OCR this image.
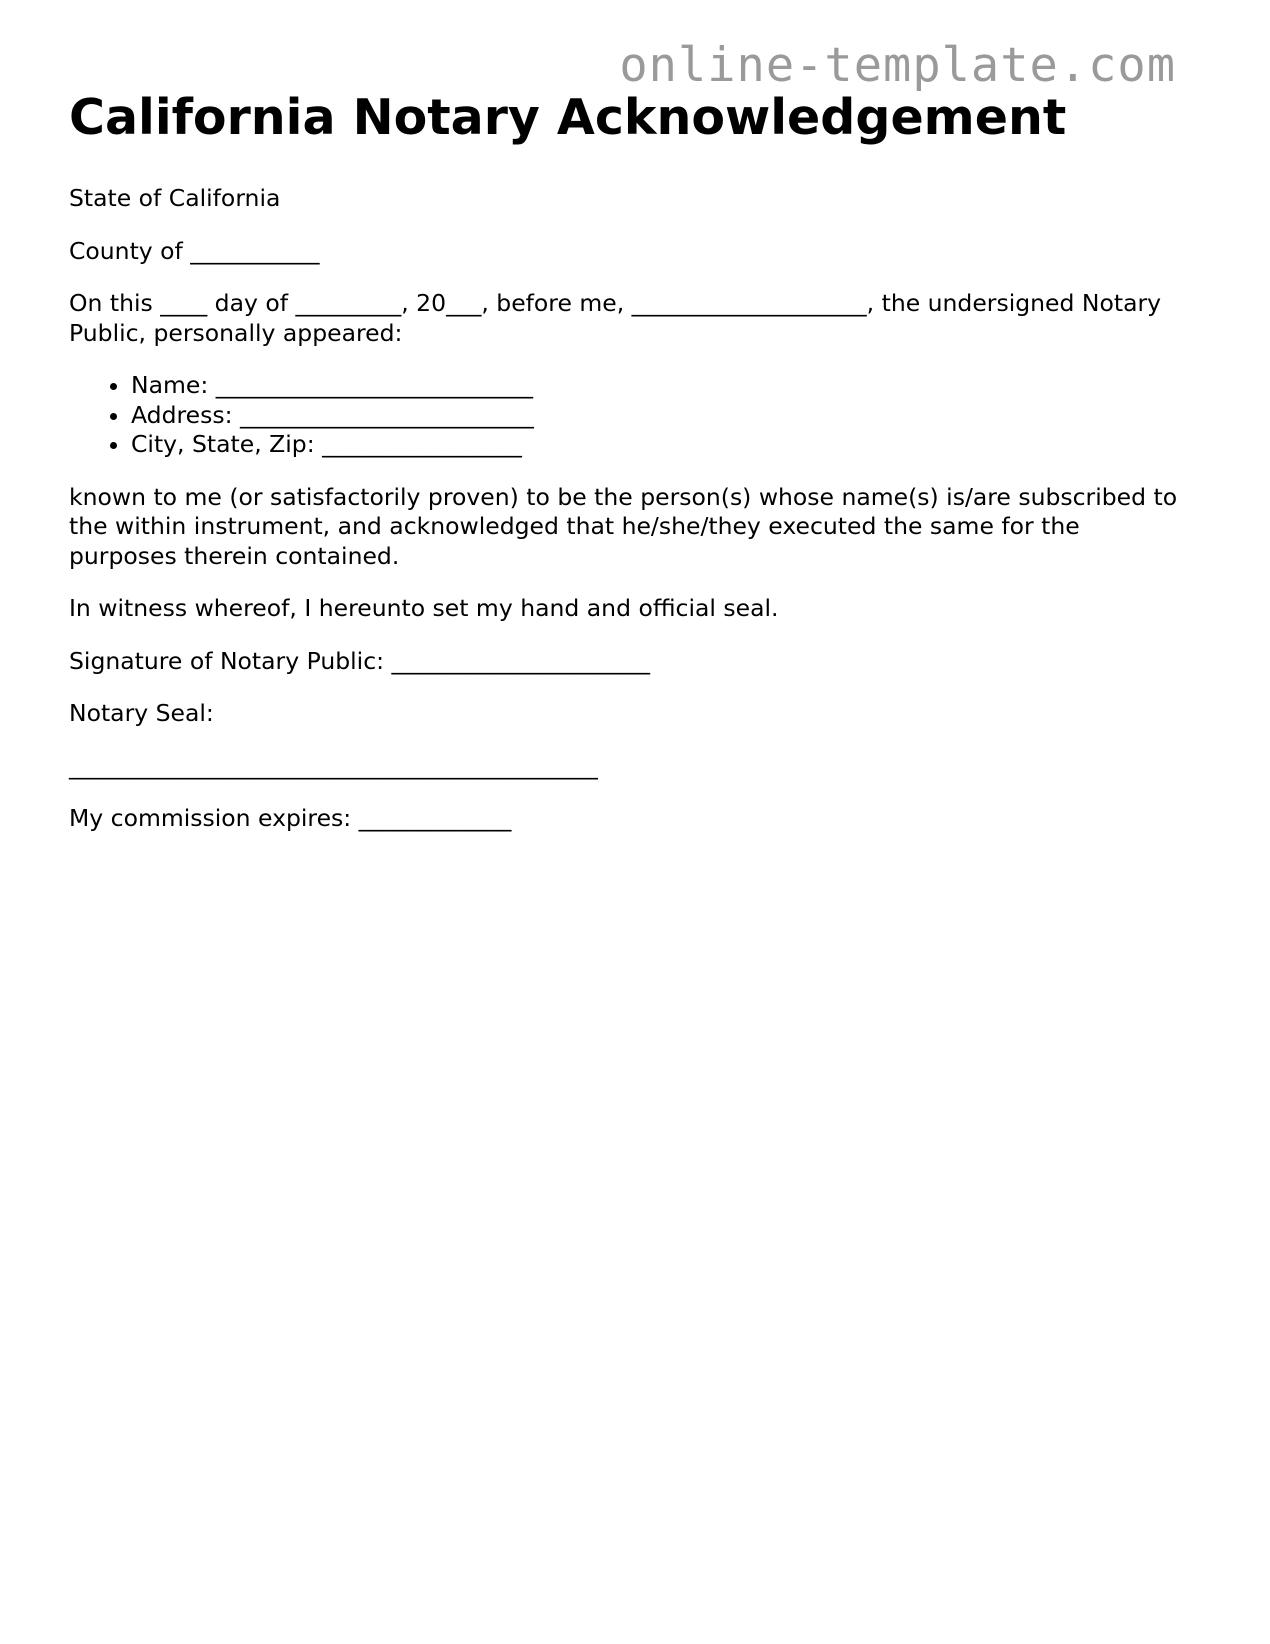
online-template.com
California Notary Acknowledgement

State of California

County of ___________

On this ____ day of _________, 20___, before me, ____________________, the undersigned Notary Public, personally appeared:

• Name: ___________________________
• Address: _________________________
• City, State, Zip: _________________

known to me (or satisfactorily proven) to be the person(s) whose name(s) is/are subscribed to the within instrument, and acknowledged that he/she/they executed the same for the purposes therein contained.

In witness whereof, I hereunto set my hand and official seal.

Signature of Notary Public: ______________________

Notary Seal:

_____________________________________________

My commission expires: _____________
